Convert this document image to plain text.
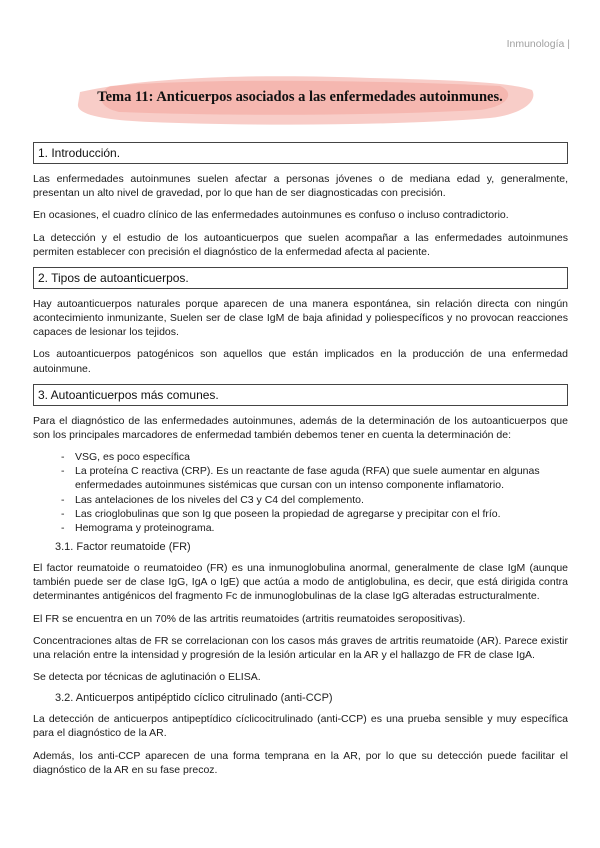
Inmunología |
Tema 11: Anticuerpos asociados a las enfermedades autoinmunes.
1. Introducción.

Las enfermedades autoinmunes suelen afectar a personas jóvenes o de mediana edad y, generalmente, presentan un alto nivel de gravedad, por lo que han de ser diagnosticadas con precisión.

En ocasiones, el cuadro clínico de las enfermedades autoinmunes es confuso o incluso contradictorio.

La detección y el estudio de los autoanticuerpos que suelen acompañar a las enfermedades autoinmunes permiten establecer con precisión el diagnóstico de la enfermedad afecta al paciente.

2. Tipos de autoanticuerpos.

Hay autoanticuerpos naturales porque aparecen de una manera espontánea, sin relación directa con ningún acontecimiento inmunizante, Suelen ser de clase IgM de baja afinidad y poliespecíficos y no provocan reacciones capaces de lesionar los tejidos.

Los autoanticuerpos patogénicos son aquellos que están implicados en la producción de una enfermedad autoinmune.

3. Autoanticuerpos más comunes.

Para el diagnóstico de las enfermedades autoinmunes, además de la determinación de los autoanticuerpos que son los principales marcadores de enfermedad también debemos tener en cuenta la determinación de:

- VSG, es poco específica
- La proteína C reactiva (CRP). Es un reactante de fase aguda (RFA) que suele aumentar en algunas enfermedades autoinmunes sistémicas que cursan con un intenso componente inflamatorio.
- Las antelaciones de los niveles del C3 y C4 del complemento.
- Las crioglobulinas que son Ig que poseen la propiedad de agregarse y precipitar con el frío.
- Hemograma y proteinograma.
3.1. Factor reumatoide (FR)

El factor reumatoide o reumatoideo (FR) es una inmunoglobulina anormal, generalmente de clase IgM (aunque también puede ser de clase IgG, IgA o IgE) que actúa a modo de antiglobulina, es decir, que está dirigida contra determinantes antigénicos del fragmento Fc de inmunoglobulinas de la clase IgG alteradas estructuralmente.

El FR se encuentra en un 70% de las artritis reumatoides (artritis reumatoides seropositivas).

Concentraciones altas de FR se correlacionan con los casos más graves de artritis reumatoide (AR). Parece existir una relación entre la intensidad y progresión de la lesión articular en la AR y el hallazgo de FR de clase IgA.

Se detecta por técnicas de aglutinación o ELISA.

3.2. Anticuerpos antipéptido cíclico citrulinado (anti-CCP)

La detección de anticuerpos antipeptídico cíclicocitrulinado (anti-CCP) es una prueba sensible y muy específica para el diagnóstico de la AR.

Además, los anti-CCP aparecen de una forma temprana en la AR, por lo que su detección puede facilitar el diagnóstico de la AR en su fase precoz.
